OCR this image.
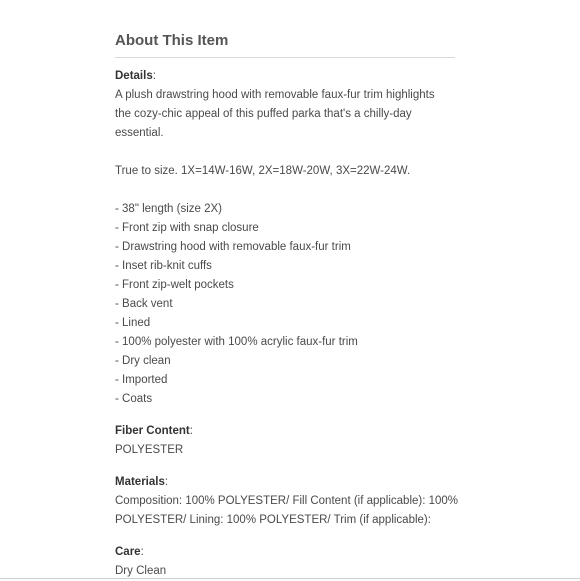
About This Item
Details:
A plush drawstring hood with removable faux-fur trim highlights
the cozy-chic appeal of this puffed parka that's a chilly-day
essential.
True to size. 1X=14W-16W, 2X=18W-20W, 3X=22W-24W.
- 38" length (size 2X)
- Front zip with snap closure
- Drawstring hood with removable faux-fur trim
- Inset rib-knit cuffs
- Front zip-welt pockets
- Back vent
- Lined
- 100% polyester with 100% acrylic faux-fur trim
- Dry clean
- Imported
- Coats
Fiber Content:
POLYESTER
Materials:
Composition: 100% POLYESTER/ Fill Content (if applicable): 100%
POLYESTER/ Lining: 100% POLYESTER/ Trim (if applicable):
Care:
Dry Clean
